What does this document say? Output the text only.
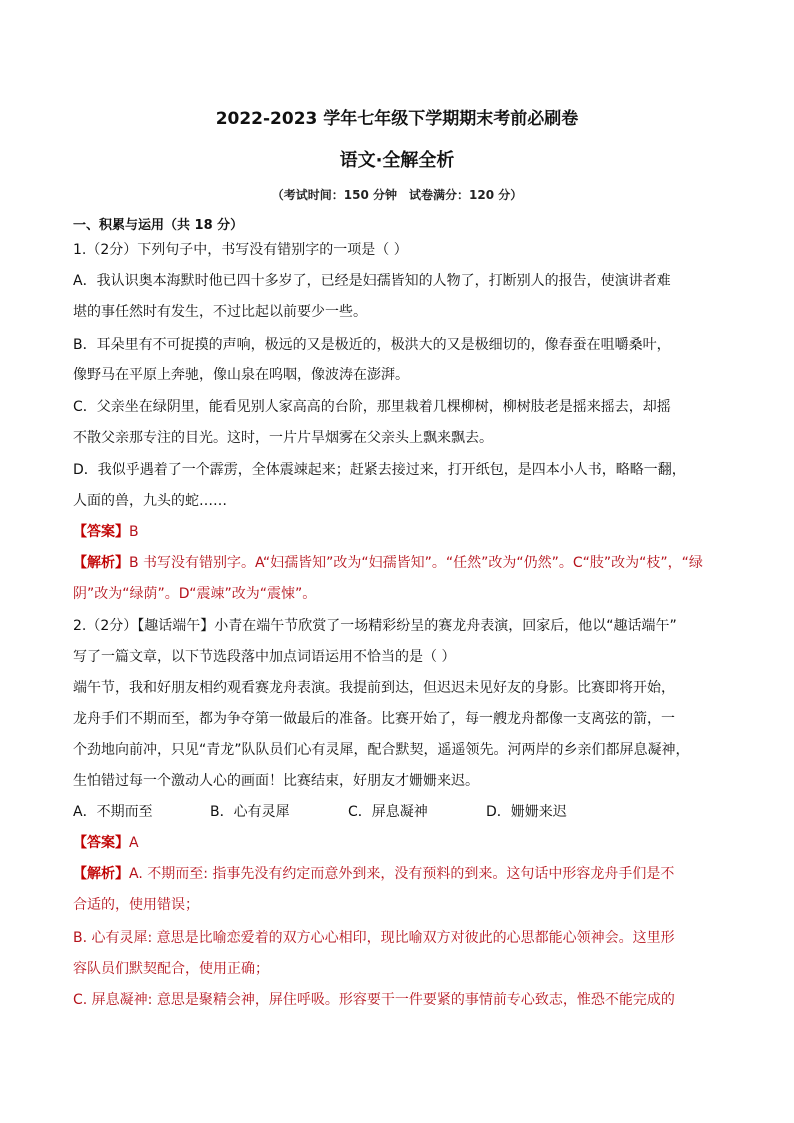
2022-2023 学年七年级下学期期末考前必刷卷
语文·全解全析
（考试时间：150 分钟　试卷满分：120 分）
一、积累与运用（共 18 分）
1.（2分）下列句子中，书写没有错别字的一项是（ ）
A．我认识奥本海默时他已四十多岁了，已经是妇孺皆知的人物了，打断别人的报告，使演讲者难
堪的事任然时有发生，不过比起以前要少一些。
B．耳朵里有不可捉摸的声响，极远的又是极近的，极洪大的又是极细切的，像春蚕在咀嚼桑叶，
像野马在平原上奔驰，像山泉在呜咽，像波涛在澎湃。
C．父亲坐在绿阴里，能看见别人家高高的台阶，那里栽着几棵柳树，柳树肢老是摇来摇去，却摇
不散父亲那专注的目光。这时，一片片旱烟雾在父亲头上飘来飘去。
D．我似乎遇着了一个霹雳，全体震竦起来；赶紧去接过来，打开纸包，是四本小人书，略略一翻，
人面的兽，九头的蛇……
【答案】B
【解析】B 书写没有错别字。A“妇孺皆知”改为“妇孺皆知”。“任然”改为“仍然”。C“肢”改为“枝”，“绿
阴”改为“绿荫”。D“震竦”改为“震悚”。
2.（2分）【趣话端午】小青在端午节欣赏了一场精彩纷呈的赛龙舟表演，回家后，他以“趣话端午”
写了一篇文章，以下节选段落中加点词语运用不恰当的是（ ）
端午节，我和好朋友相约观看赛龙舟表演。我提前到达，但迟迟未见好友的身影。比赛即将开始，
龙舟手们不期而至，都为争夺第一做最后的准备。比赛开始了，每一艘龙舟都像一支离弦的箭，一
个劲地向前冲，只见“青龙”队队员们心有灵犀，配合默契，遥遥领先。河两岸的乡亲们都屏息凝神，
生怕错过每一个激动人心的画面！比赛结束，好朋友才姗姗来迟。
A．不期而至	B．心有灵犀	C．屏息凝神	D．姗姗来迟
【答案】A
【解析】A. 不期而至: 指事先没有约定而意外到来，没有预料的到来。这句话中形容龙舟手们是不
合适的，使用错误；
B. 心有灵犀: 意思是比喻恋爱着的双方心心相印，现比喻双方对彼此的心思都能心领神会。这里形
容队员们默契配合，使用正确；
C. 屏息凝神: 意思是聚精会神，屏住呼吸。形容要干一件要紧的事情前专心致志，惟恐不能完成的
